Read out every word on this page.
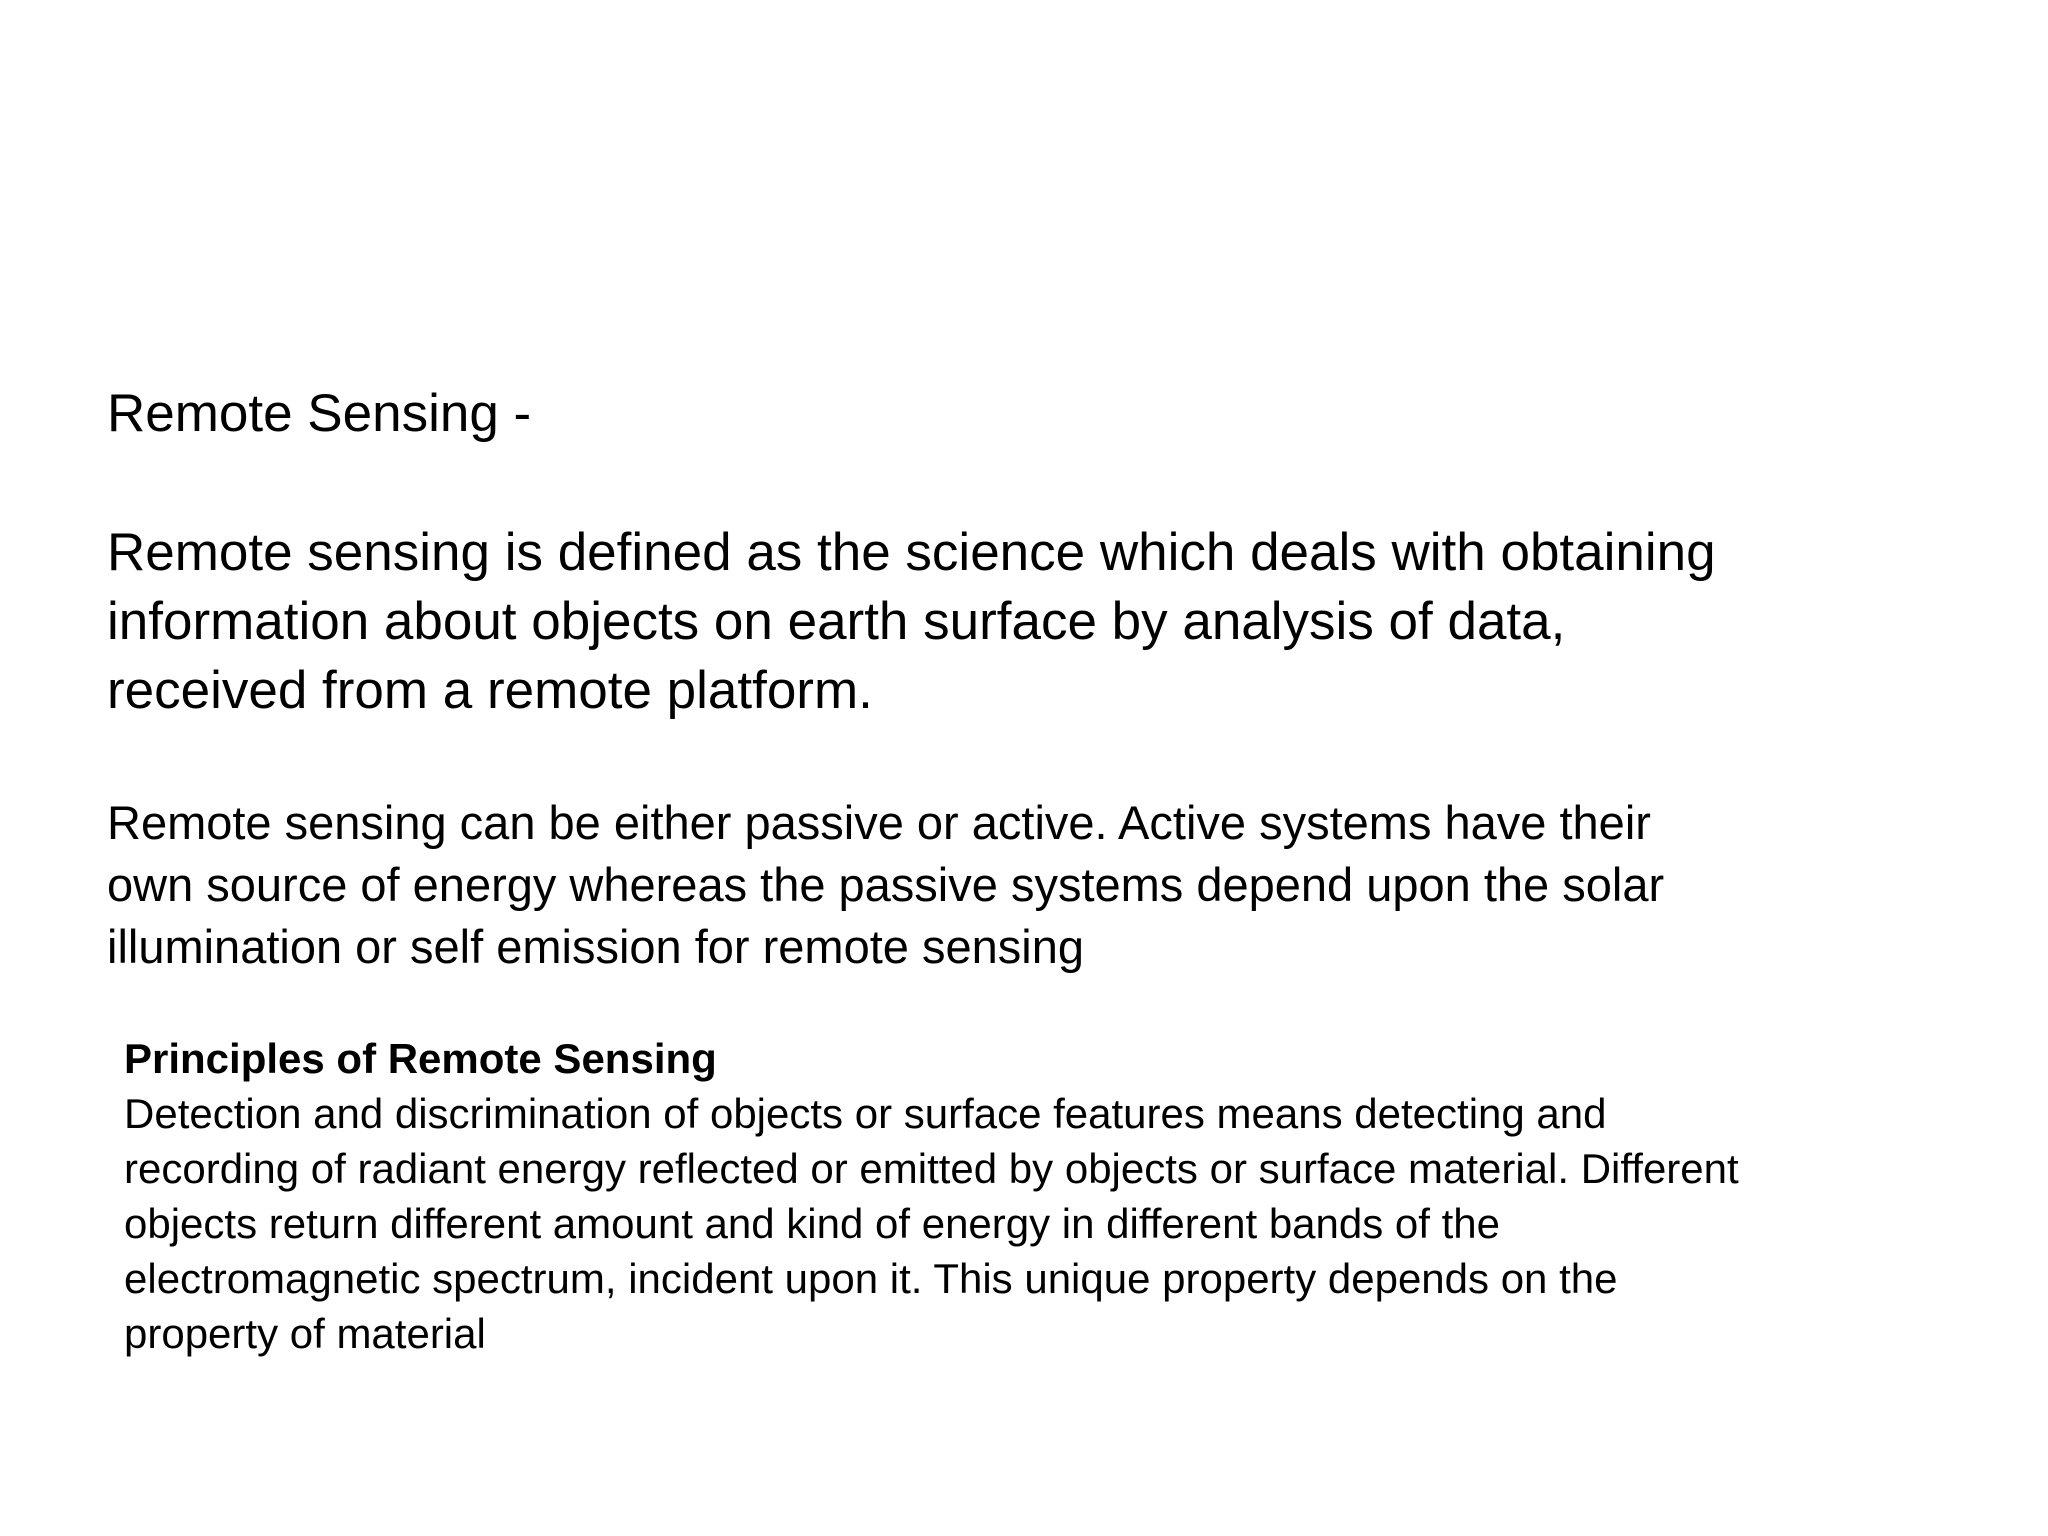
Remote Sensing -

Remote sensing is defined as the science which deals with obtaining
information about objects on earth surface by analysis of data,
received from a remote platform.

Remote sensing can be either passive or active. Active systems have their
own source of energy whereas the passive systems depend upon the solar
illumination or self emission for remote sensing

Principles of Remote Sensing

Detection and discrimination of objects or surface features means detecting and
recording of radiant energy reflected or emitted by objects or surface material. Different
objects return different amount and kind of energy in different bands of the
electromagnetic spectrum, incident upon it. This unique property depends on the
property of material
